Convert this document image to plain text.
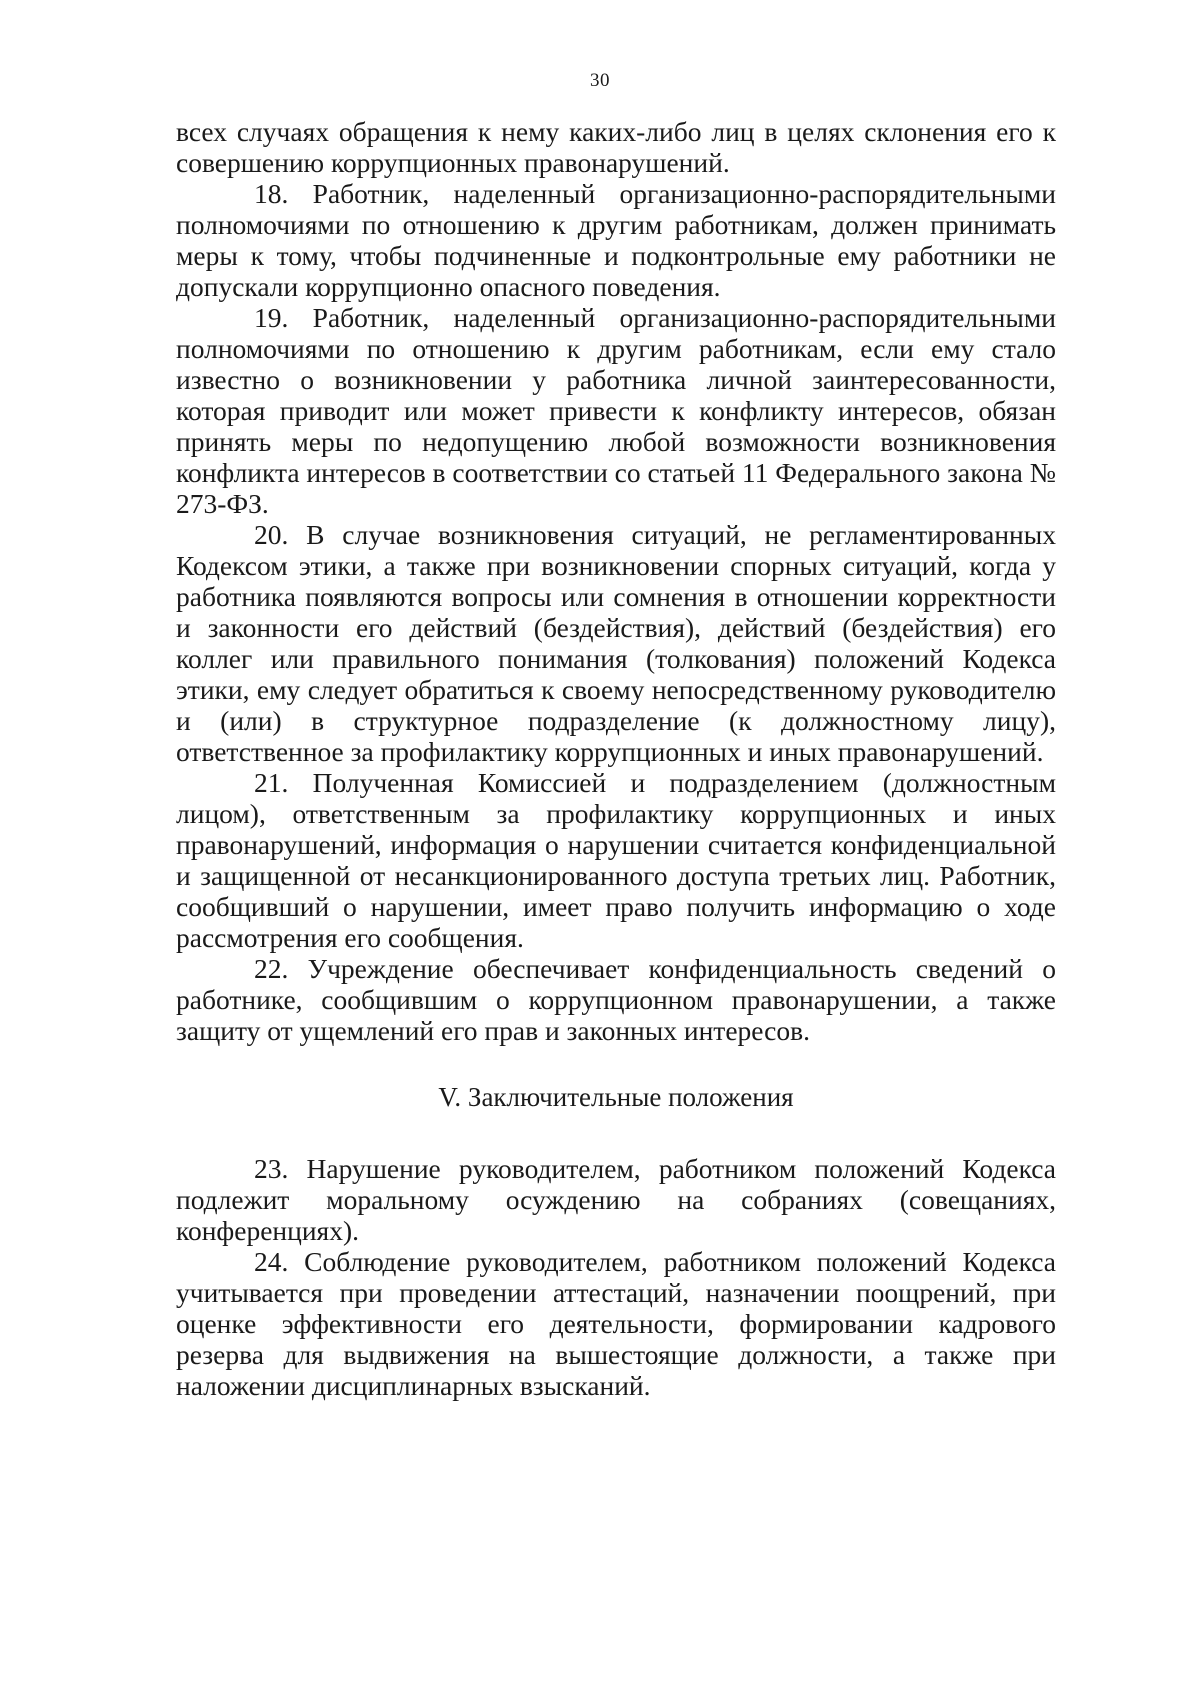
30

всех случаях обращения к нему каких-либо лиц в целях склонения его к совершению коррупционных правонарушений.

18. Работник, наделенный организационно-распорядительными полномочиями по отношению к другим работникам, должен принимать меры к тому, чтобы подчиненные и подконтрольные ему работники не допускали коррупционно опасного поведения.

19. Работник, наделенный организационно-распорядительными полномочиями по отношению к другим работникам, если ему стало известно о возникновении у работника личной заинтересованности, которая приводит или может привести к конфликту интересов, обязан принять меры по недопущению любой возможности возникновения конфликта интересов в соответствии со статьей 11 Федерального закона № 273-ФЗ.

20. В случае возникновения ситуаций, не регламентированных Кодексом этики, а также при возникновении спорных ситуаций, когда у работника появляются вопросы или сомнения в отношении корректности и законности его действий (бездействия), действий (бездействия) его коллег или правильного понимания (толкования) положений Кодекса этики, ему следует обратиться к своему непосредственному руководителю и (или) в структурное подразделение (к должностному лицу), ответственное за профилактику коррупционных и иных правонарушений.

21. Полученная Комиссией и подразделением (должностным лицом), ответственным за профилактику коррупционных и иных правонарушений, информация о нарушении считается конфиденциальной и защищенной от несанкционированного доступа третьих лиц. Работник, сообщивший о нарушении, имеет право получить информацию о ходе рассмотрения его сообщения.

22. Учреждение обеспечивает конфиденциальность сведений о работнике, сообщившим о коррупционном правонарушении, а также защиту от ущемлений его прав и законных интересов.

V. Заключительные положения

23. Нарушение руководителем, работником положений Кодекса подлежит моральному осуждению на собраниях (совещаниях, конференциях).

24. Соблюдение руководителем, работником положений Кодекса учитывается при проведении аттестаций, назначении поощрений, при оценке эффективности его деятельности, формировании кадрового резерва для выдвижения на вышестоящие должности, а также при наложении дисциплинарных взысканий.
